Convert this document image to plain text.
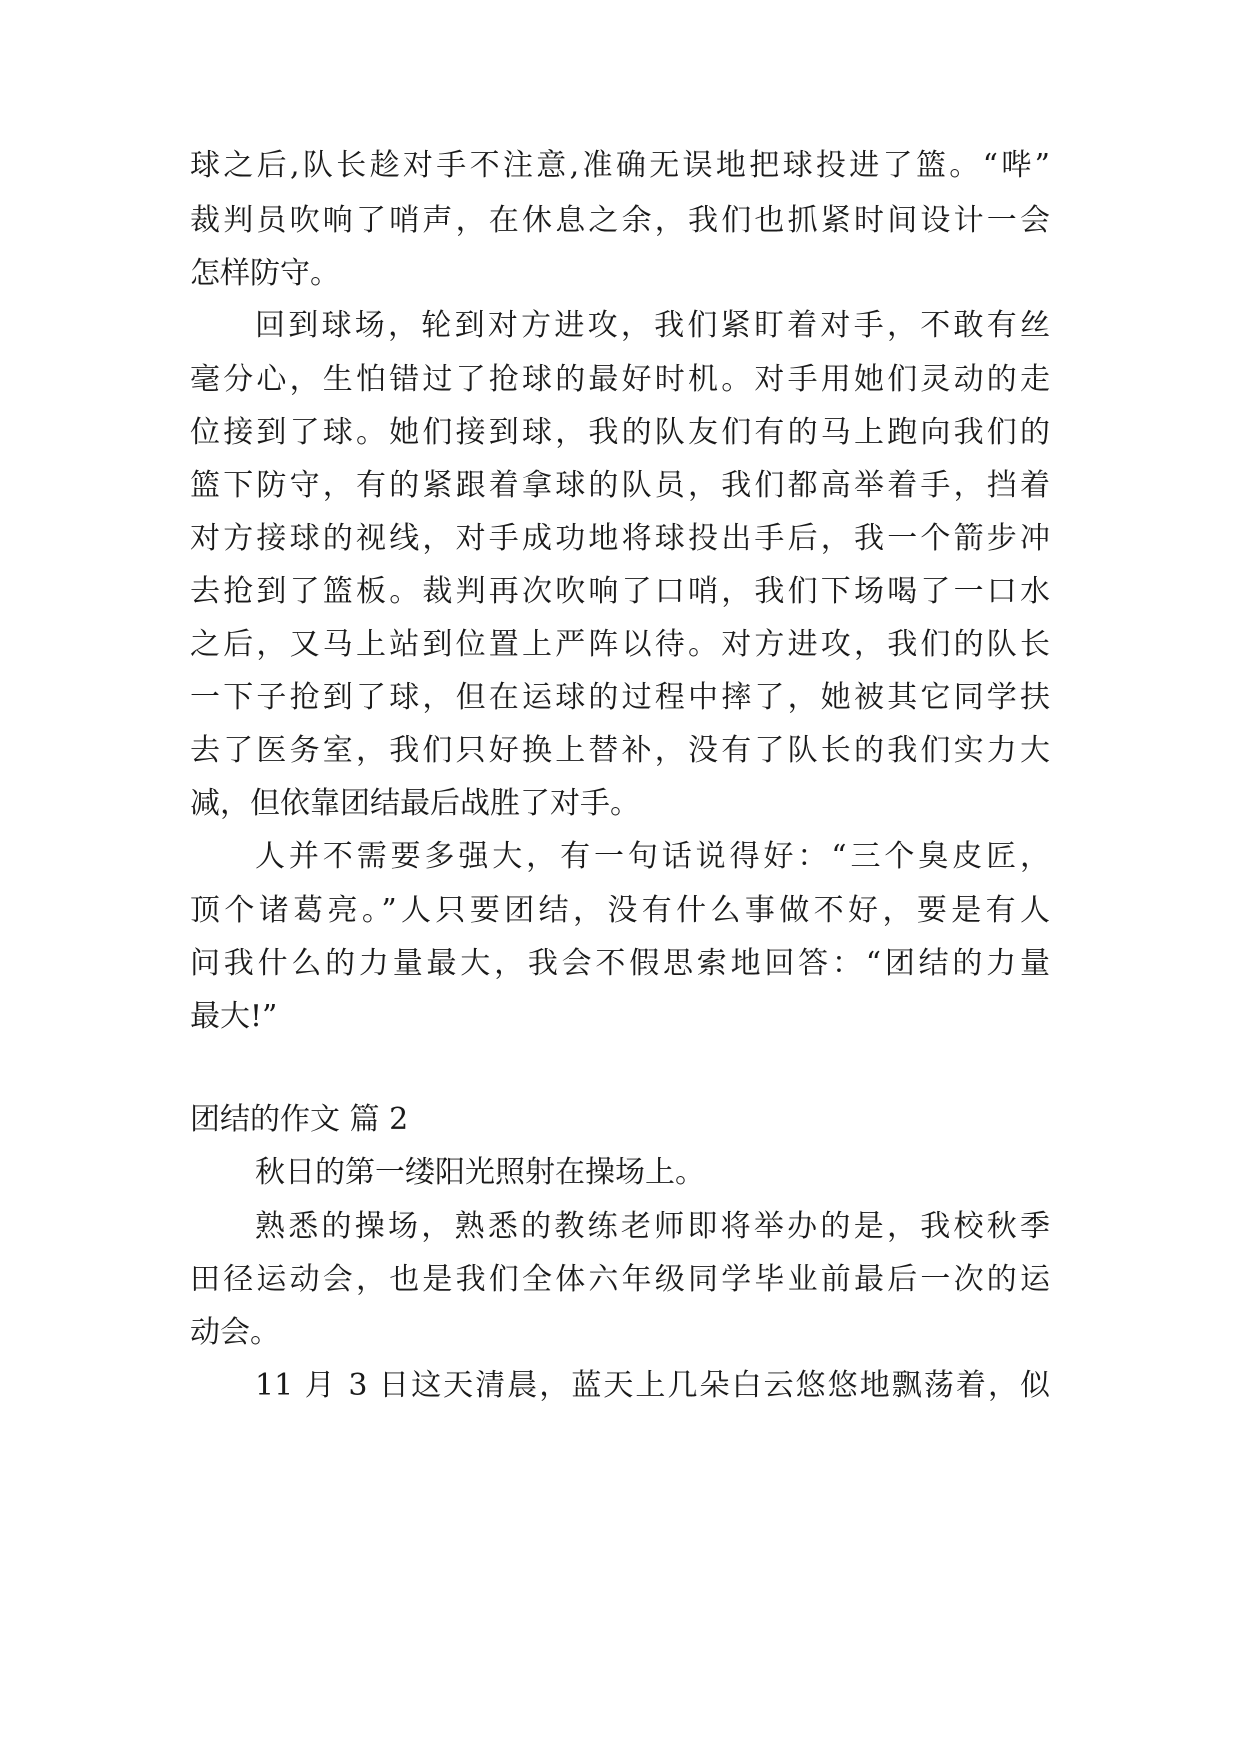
球之后,队长趁对手不注意,准确无误地把球投进了篮。“哔”
裁判员吹响了哨声，在休息之余，我们也抓紧时间设计一会
怎样防守。
回到球场，轮到对方进攻，我们紧盯着对手，不敢有丝
毫分心，生怕错过了抢球的最好时机。对手用她们灵动的走
位接到了球。她们接到球，我的队友们有的马上跑向我们的
篮下防守，有的紧跟着拿球的队员，我们都高举着手，挡着
对方接球的视线，对手成功地将球投出手后，我一个箭步冲
去抢到了篮板。裁判再次吹响了口哨，我们下场喝了一口水
之后，又马上站到位置上严阵以待。对方进攻，我们的队长
一下子抢到了球，但在运球的过程中摔了，她被其它同学扶
去了医务室，我们只好换上替补，没有了队长的我们实力大
减，但依靠团结最后战胜了对手。
人并不需要多强大，有一句话说得好：“三个臭皮匠，
顶个诸葛亮。”人只要团结，没有什么事做不好，要是有人
问我什么的力量最大，我会不假思索地回答：“团结的力量
最大!”
团结的作文 篇 2
秋日的第一缕阳光照射在操场上。
熟悉的操场，熟悉的教练老师即将举办的是，我校秋季
田径运动会，也是我们全体六年级同学毕业前最后一次的运
动会。
11 月 3 日这天清晨，蓝天上几朵白云悠悠地飘荡着，似
